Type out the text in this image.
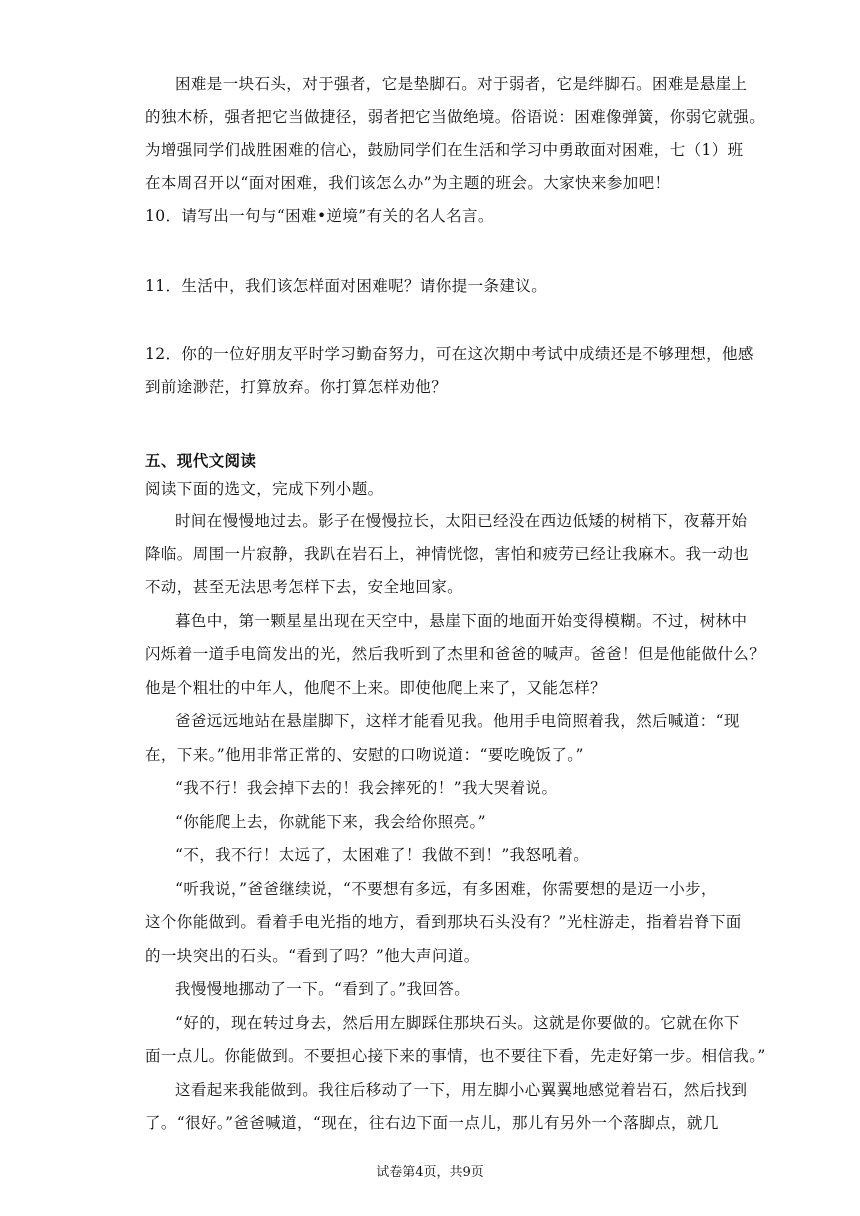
困难是一块石头，对于强者，它是垫脚石。对于弱者，它是绊脚石。困难是悬崖上
的独木桥，强者把它当做捷径，弱者把它当做绝境。俗语说：困难像弹簧，你弱它就强。
为增强同学们战胜困难的信心，鼓励同学们在生活和学习中勇敢面对困难，七（1）班
在本周召开以“面对困难，我们该怎么办”为主题的班会。大家快来参加吧！
10．请写出一句与“困难•逆境”有关的名人名言。
11．生活中，我们该怎样面对困难呢？请你提一条建议。
12．你的一位好朋友平时学习勤奋努力，可在这次期中考试中成绩还是不够理想，他感
到前途渺茫，打算放弃。你打算怎样劝他？
五、现代文阅读
阅读下面的选文，完成下列小题。
时间在慢慢地过去。影子在慢慢拉长，太阳已经没在西边低矮的树梢下，夜幕开始
降临。周围一片寂静，我趴在岩石上，神情恍惚，害怕和疲劳已经让我麻木。我一动也
不动，甚至无法思考怎样下去，安全地回家。
暮色中，第一颗星星出现在天空中，悬崖下面的地面开始变得模糊。不过，树林中
闪烁着一道手电筒发出的光，然后我听到了杰里和爸爸的喊声。爸爸！但是他能做什么？
他是个粗壮的中年人，他爬不上来。即使他爬上来了，又能怎样？
爸爸远远地站在悬崖脚下，这样才能看见我。他用手电筒照着我，然后喊道：“现
在，下来。”他用非常正常的、安慰的口吻说道：“要吃晚饭了。”
“我不行！我会掉下去的！我会摔死的！”我大哭着说。
“你能爬上去，你就能下来，我会给你照亮。”
“不，我不行！太远了，太困难了！我做不到！”我怒吼着。
“听我说，”爸爸继续说，“不要想有多远，有多困难，你需要想的是迈一小步，
这个你能做到。看着手电光指的地方，看到那块石头没有？”光柱游走，指着岩脊下面
的一块突出的石头。“看到了吗？”他大声问道。
我慢慢地挪动了一下。“看到了。”我回答。
“好的，现在转过身去，然后用左脚踩住那块石头。这就是你要做的。它就在你下
面一点儿。你能做到。不要担心接下来的事情，也不要往下看，先走好第一步。相信我。”
这看起来我能做到。我往后移动了一下，用左脚小心翼翼地感觉着岩石，然后找到
了。“很好。”爸爸喊道，“现在，往右边下面一点儿，那儿有另外一个落脚点，就几
试卷第4页，共9页
